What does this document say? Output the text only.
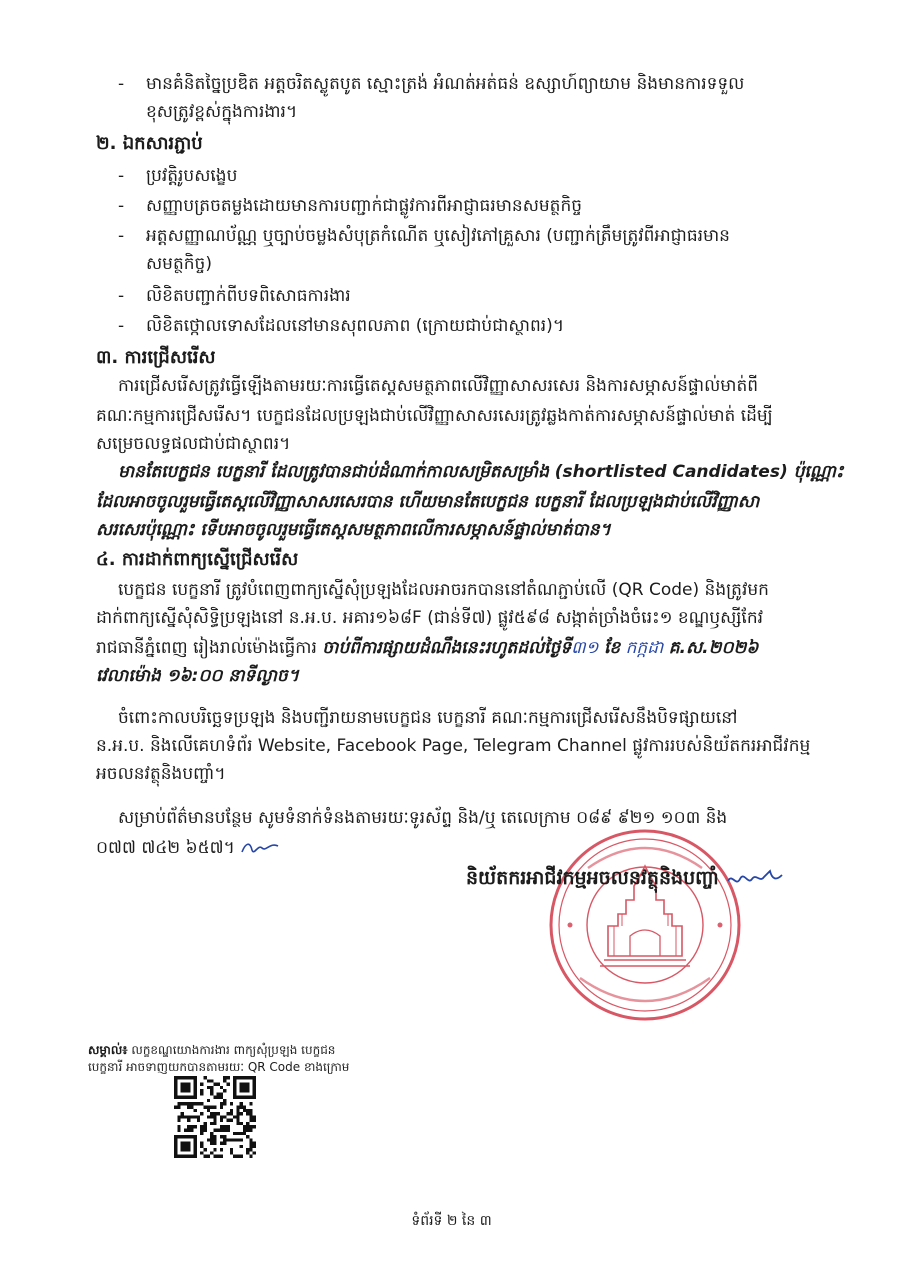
- មានគំនិតច្នៃប្រឌិត អត្តចរិតស្លូតបូត ស្មោះត្រង់ អំណត់អត់ធន់ ឧស្សាហ៍ព្យាយាម និងមានការទទួល
ខុសត្រូវខ្ពស់ក្នុងការងារ។
២. ឯកសារភ្ជាប់
- ប្រវត្តិរូបសង្ខេប
- សញ្ញាបត្រចតម្លងដោយមានការបញ្ជាក់ជាផ្លូវការពីអាជ្ញាធរមានសមត្ថកិច្ច
- អត្តសញ្ញាណប័ណ្ណ ឬច្បាប់ចម្លងសំបុត្រកំណើត ឬសៀវភៅគ្រួសារ (បញ្ជាក់ត្រឹមត្រូវពីអាជ្ញាធរមាន
សមត្ថកិច្ច)
- លិខិតបញ្ជាក់ពីបទពិសោធការងារ
- លិខិតថ្កោលទោសដែលនៅមានសុពលភាព (ក្រោយជាប់ជាស្ថាពរ)។
៣. ការជ្រើសរើស
ការជ្រើសរើសត្រូវធ្វើឡើងតាមរយៈការធ្វើតេស្តសមត្ថភាពលើវិញ្ញាសាសរសេរ និងការសម្ភាសន៍ផ្ទាល់មាត់ពី
គណៈកម្មការជ្រើសរើស។ បេក្ខជនដែលប្រឡងជាប់លើវិញ្ញាសាសរសេរត្រូវឆ្លងកាត់ការសម្ភាសន៍ផ្ទាល់មាត់ ដើម្បី
សម្រេចលទ្ធផលជាប់ជាស្ថាពរ។
មានតែបេក្ខជន បេក្ខនារី ដែលត្រូវបានជាប់ដំណាក់កាលសម្រិតសម្រាំង (shortlisted Candidates) ប៉ុណ្ណោះ
ដែលអាចចូលរួមធ្វើតេស្តលើវិញ្ញាសាសរសេរបាន ហើយមានតែបេក្ខជន បេក្ខនារី ដែលប្រឡងជាប់លើវិញ្ញាសា
សរសេរប៉ុណ្ណោះ ទើបអាចចូលរួមធ្វើតេស្តសមត្ថភាពលើការសម្ភាសន៍ផ្ទាល់មាត់បាន។
៤. ការដាក់ពាក្យស្នើជ្រើសរើស
បេក្ខជន បេក្ខនារី ត្រូវបំពេញពាក្យស្នើសុំប្រឡងដែលអាចរកបាននៅតំណភ្ជាប់លើ (QR Code) និងត្រូវមក
ដាក់ពាក្យស្នើសុំសិទ្ធិប្រឡងនៅ ន.អ.ប. អគារ១៦៨F (ជាន់ទី៧) ផ្លូវ៥៩៨ សង្កាត់ច្រាំងចំរេះ១ ខណ្ឌឫស្សីកែវ
រាជធានីភ្នំពេញ រៀងរាល់ម៉ោងធ្វើការ ចាប់ពីការផ្សាយដំណឹងនេះរហូតដល់ថ្ងៃទី៣១ ខែ កក្កដា គ.ស.២០២៦
វេលាម៉ោង ១៦:០០ នាទីល្ងាច។
ចំពោះកាលបរិច្ឆេទប្រឡង និងបញ្ជីរាយនាមបេក្ខជន បេក្ខនារី គណៈកម្មការជ្រើសរើសនឹងបិទផ្សាយនៅ
ន.អ.ប. និងលើគេហទំព័រ Website, Facebook Page, Telegram Channel ផ្លូវការរបស់និយ័តករអាជីវកម្ម
អចលនវត្ថុនិងបញ្ចាំ។
សម្រាប់ព័ត៌មានបន្ថែម សូមទំនាក់ទំនងតាមរយៈទូរស័ព្ទ និង/ឬ តេលេក្រាម ០៨៩ ៩២១ ១០៣ និង
០៧៧ ៧៤២ ៦៥៧។
និយ័តករអាជីវកម្មអចលនវត្ថុនិងបញ្ចាំ
សម្គាល់៖ លក្ខខណ្ឌយោងការងារ ពាក្យសុំប្រឡង បេក្ខជន
បេក្ខនារី អាចទាញយកបានតាមរយៈ QR Code ខាងក្រោម
ទំព័រទី ២ នៃ ៣
